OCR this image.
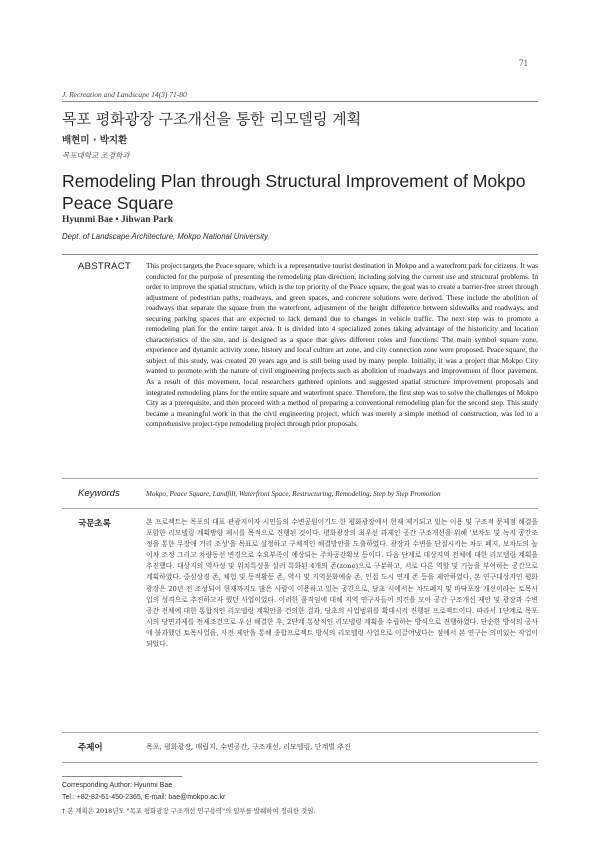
71
J. Recreation and Landscape 14(3) 71-80
목포 평화광장 구조개선을 통한 리모델링 계획
배현미 · 박지환
목포대학교 조경학과
Remodeling Plan through Structural Improvement of Mokpo Peace Square
Hyunmi Bae • Jihwan Park
Dept. of Landscape Architecture, Mokpo National University
ABSTRACT This project targets the Peace square, which is a representative tourist destination in Mokpo and a waterfront park for citizens. It was conducted for the purpose of presenting the remodeling plan direction, including solving the current use and structural problems. In order to improve the spatial structure, which is the top priority of the Peace square, the goal was to create a barrier-free street through adjustment of pedestrian paths, roadways, and green spaces, and concrete solutions were derived. These include the abolition of roadways that separate the square from the waterfront, adjustment of the height difference between sidewalks and roadways, and securing parking spaces that are expected to lack demand due to changes in vehicle traffic. The next step was to promote a remodeling plan for the entire target area. It is divided into 4 specialized zones taking advantage of the historicity and location characteristics of the site, and is designed as a space that gives different roles and functions. The main symbol square zone, experience and dynamic activity zone, history and local culture art zone, and city connection zone were proposed. Peace square, the subject of this study, was created 20 years ago and is still being used by many people. Initially, it was a project that Mokpo City wanted to promote with the nature of civil engineering projects such as abolition of roadways and improvement of floor pavement. As a result of this movement, local researchers gathered opinions and suggested spatial structure improvement proposals and integrated remodeling plans for the entire square and waterfront space. Therefore, the first step was to solve the challenges of Mokpo City as a prerequisite, and then proceed with a method of preparing a conventional remodeling plan for the second step. This study became a meaningful work in that the civil engineering project, which was merely a simple method of construction, was led to a comprehensive project-type remodeling project through prior proposals.
Keywords	Mokpo, Peace Square, Landfill, Waterfront Space, Restructuring, Remodeling, Step by Step Promotion
국문초록	본 프로젝트는 목포의 대표 관광지이자 시민들의 수변공원이기도 한 평화광장에서 현재 제기되고 있는 이용 및 구조적 문제점 해결을 포함한 리모델링 계획방향 제시를 목적으로 진행된 것이다. 평화광장의 최우선 과제인 공간 구조개선을 위해 '보차도 및 녹지 공간조정을 통한 무장애 거리 조성'을 목표로 설정하고 구체적인 해결방안을 도출하였다. 광장과 수변을 단절시키는 차도 폐지, 보차도의 높이차 조정 그리고 차량동선 변경으로 수요부족이 예상되는 주차공간확보 등이다. 다음 단계로 대상지역 전체에 대한 리모델링 계획을 추진했다. 대상지의 역사성 및 위치특성을 살려 특화된 4개의 존(zone)으로 구분하고, 서로 다른 역할 및 기능을 부여하는 공간으로 계획하였다. 중심상징 존, 체험 및 동적활동 존, 역사 및 지역문화예술 존, 인접 도시 연계 존 등을 제안하였다. 본 연구대상지인 평화광장은 20년 전 조성되어 현재까지도 많은 사람이 이용하고 있는 공간으로, 당초 시에서는 차도폐지 및 바닥포장 개선이라는 토목사업의 성격으로 추진하고자 했던 사업이었다. 이러한 움직임에 대해 지역 연구자들이 의견을 모아 공간 구조개선 제안 및 광장과 수변공간 전체에 대한 통합적인 리모델링 계획안을 건의한 결과, 당초의 사업범위를 확대시켜 진행된 프로젝트이다. 따라서 1단계로 목포시의 당면과제를 전제조건으로 우선 해결한 후, 2단계 통상적인 리모델링 계획을 수립하는 방식으로 진행하였다. 단순한 방식의 공사에 불과했던 토목사업을, 사전 제안을 통해 종합프로젝트 방식의 리모델링 사업으로 이끌어냈다는 점에서 본 연구는 의미있는 작업이 되었다.
주제어	목포, 평화광장, 매립지, 수변공간, 구조개선, 리모델링, 단계별 추진
Corresponding Author: Hyunmi Bae
Tel.: +82-82-61-450-2365, E-mail: bae@mokpo.ac.kr
† 본 계획은 2018년도 "목포 평화광장 구조개선 연구용역"의 일부를 발췌하여 정리한 것임.
